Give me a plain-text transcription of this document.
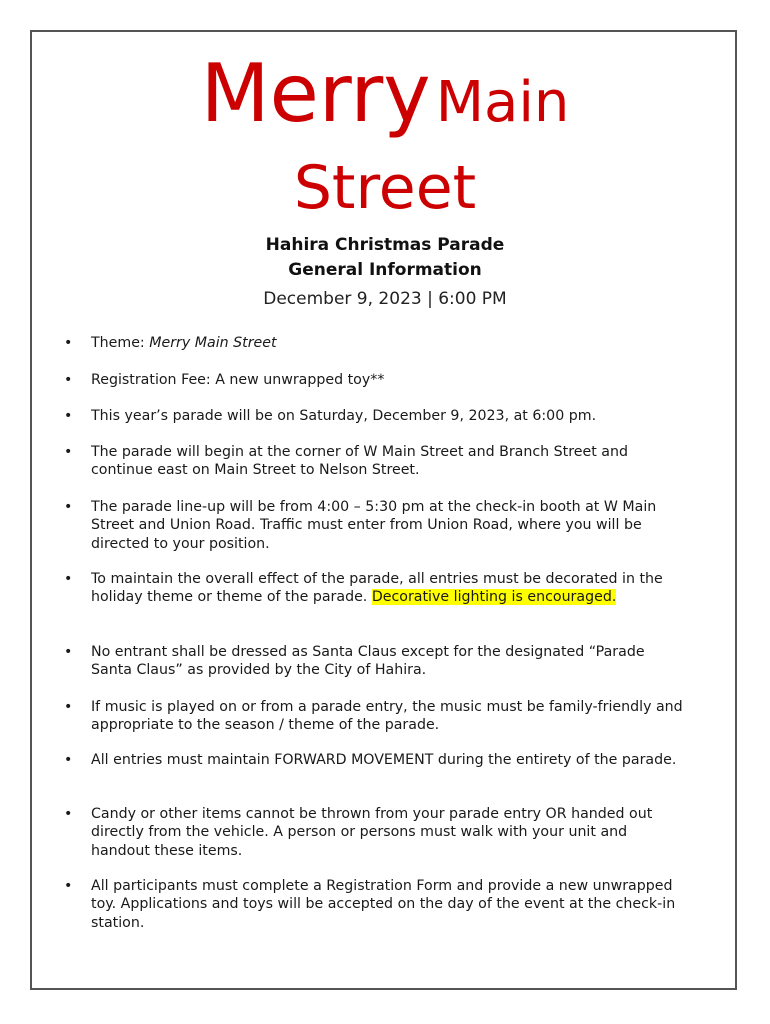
Merry Main
Street
Hahira Christmas Parade
General Information
December 9, 2023 | 6:00 PM
•	Theme: Merry Main Street
•	Registration Fee: A new unwrapped toy**
•	This year’s parade will be on Saturday, December 9, 2023, at 6:00 pm.
•	The parade will begin at the corner of W Main Street and Branch Street and continue east on Main Street to Nelson Street.
•	The parade line-up will be from 4:00 – 5:30 pm at the check-in booth at W Main Street and Union Road. Traffic must enter from Union Road, where you will be directed to your position.
•	To maintain the overall effect of the parade, all entries must be decorated in the holiday theme or theme of the parade. Decorative lighting is encouraged.
•	No entrant shall be dressed as Santa Claus except for the designated “Parade Santa Claus” as provided by the City of Hahira.
•	If music is played on or from a parade entry, the music must be family-friendly and appropriate to the season / theme of the parade.
•	All entries must maintain FORWARD MOVEMENT during the entirety of the parade.
•	Candy or other items cannot be thrown from your parade entry OR handed out directly from the vehicle. A person or persons must walk with your unit and handout these items.
•	All participants must complete a Registration Form and provide a new unwrapped toy. Applications and toys will be accepted on the day of the event at the check-in station.
